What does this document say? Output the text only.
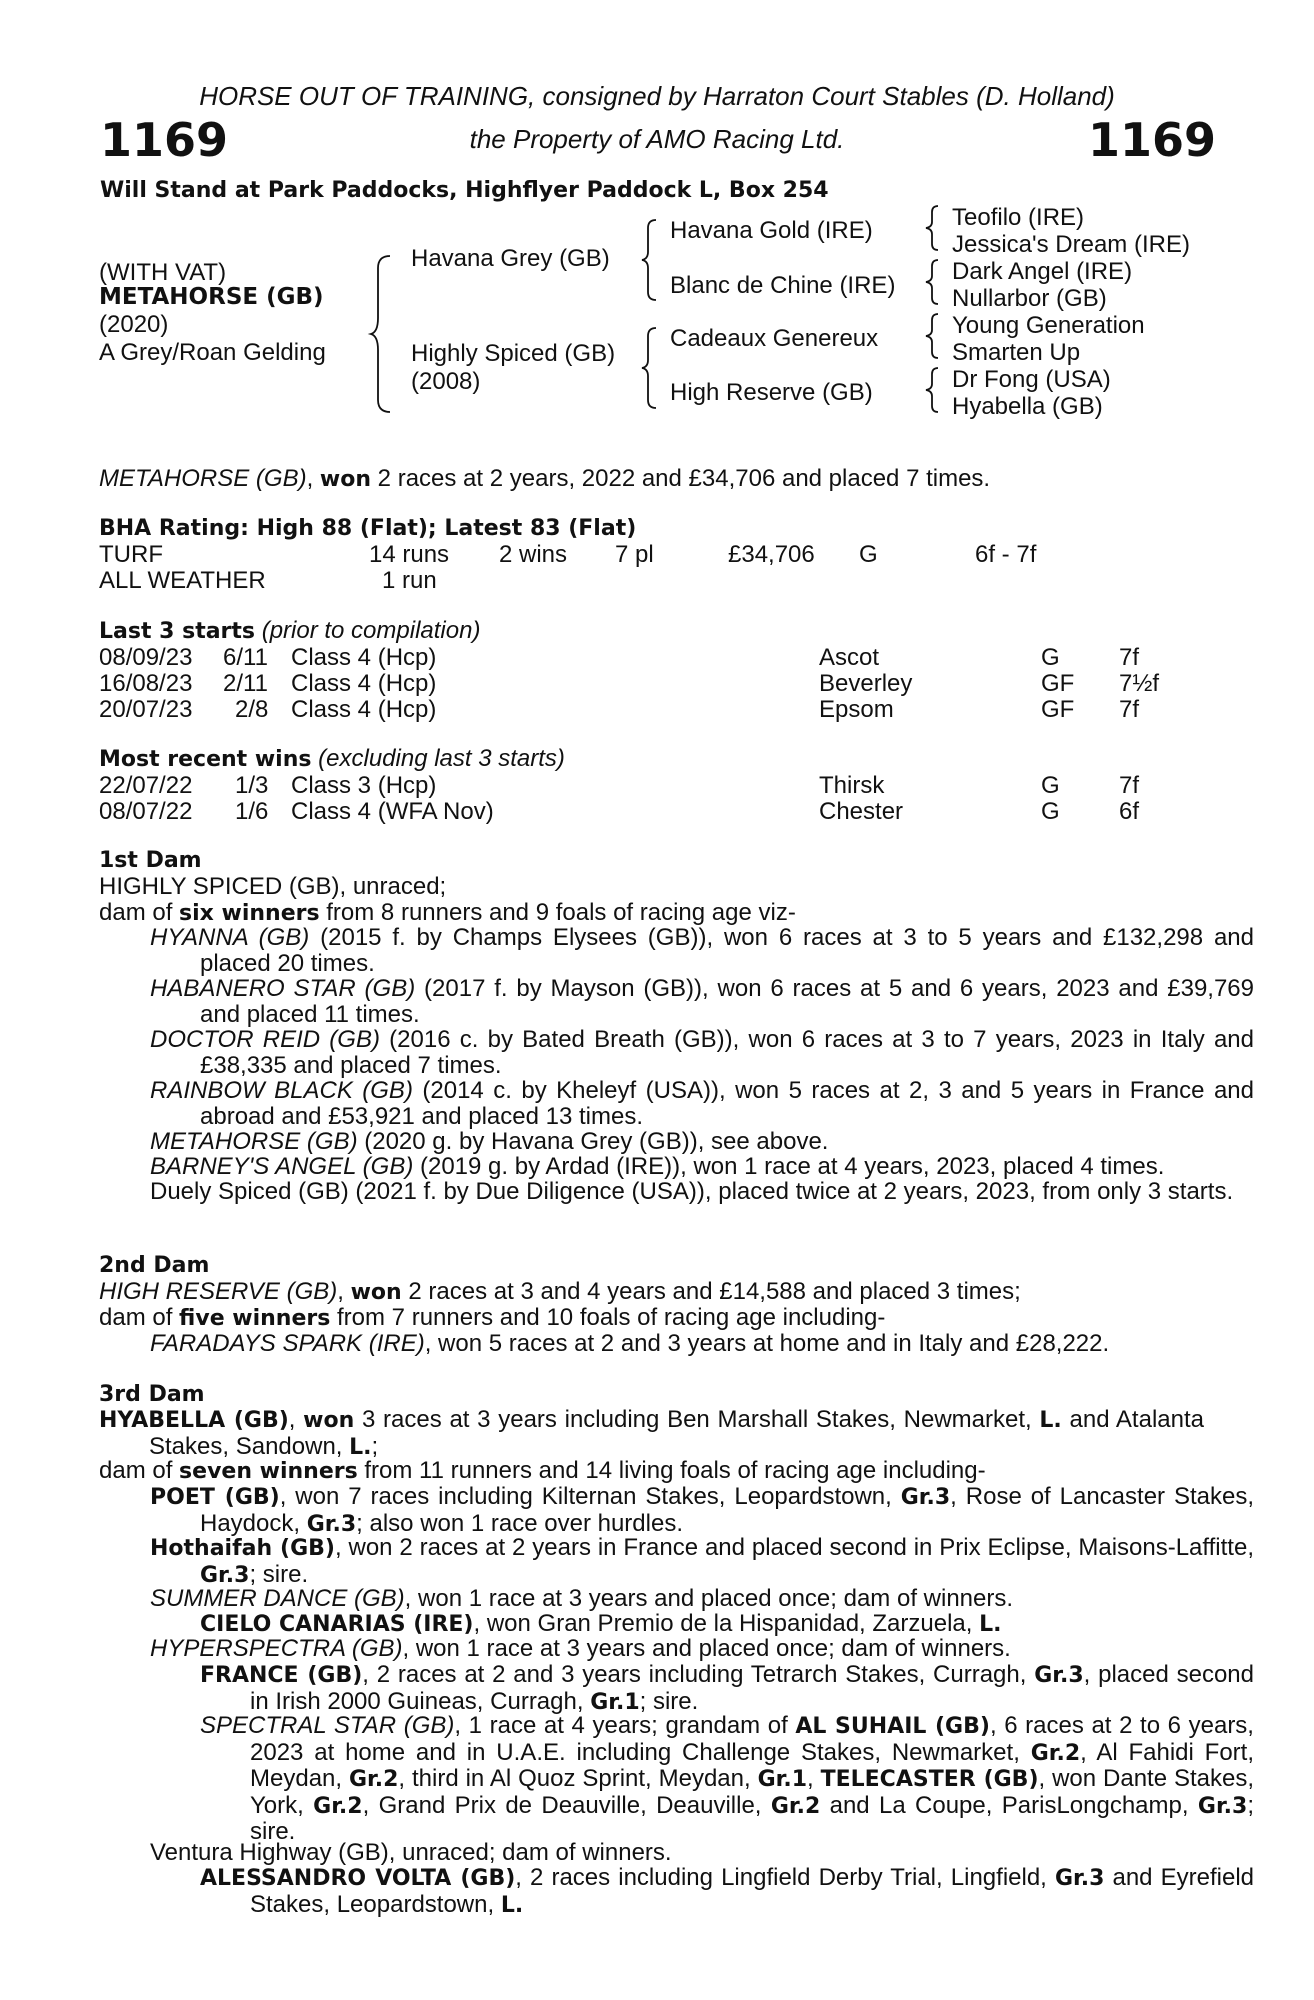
HORSE OUT OF TRAINING, consigned by Harraton Court Stables (D. Holland)
1169	the Property of AMO Racing Ltd.	1169
Will Stand at Park Paddocks, Highflyer Paddock L, Box 254
(WITH VAT)
METAHORSE (GB)
(2020)
A Grey/Roan Gelding
Havana Grey (GB)
Highly Spiced (GB)
(2008)
Havana Gold (IRE)
Blanc de Chine (IRE)
Cadeaux Genereux
High Reserve (GB)
Teofilo (IRE)
Jessica's Dream (IRE)
Dark Angel (IRE)
Nullarbor (GB)
Young Generation
Smarten Up
Dr Fong (USA)
Hyabella (GB)
METAHORSE (GB), won 2 races at 2 years, 2022 and £34,706 and placed 7 times.
BHA Rating: High 88 (Flat); Latest 83 (Flat)
TURF	14 runs 2 wins 7 pl	£34,706 G	6f - 7f
ALL WEATHER	1 run
Last 3 starts (prior to compilation)
08/09/23 6/11 Class 4 (Hcp)	Ascot	G 7f
16/08/23 2/11 Class 4 (Hcp)	Beverley	GF 7½f
20/07/23 2/8 Class 4 (Hcp)	Epsom	GF 7f
Most recent wins (excluding last 3 starts)
22/07/22 1/3 Class 3 (Hcp)	Thirsk	G 7f
08/07/22 1/6 Class 4 (WFA Nov)	Chester	G 6f
1st Dam
HIGHLY SPICED (GB), unraced;
dam of six winners from 8 runners and 9 foals of racing age viz-
HYANNA (GB) (2015 f. by Champs Elysees (GB)), won 6 races at 3 to 5 years and £132,298 and placed 20 times.
HABANERO STAR (GB) (2017 f. by Mayson (GB)), won 6 races at 5 and 6 years, 2023 and £39,769 and placed 11 times.
DOCTOR REID (GB) (2016 c. by Bated Breath (GB)), won 6 races at 3 to 7 years, 2023 in Italy and £38,335 and placed 7 times.
RAINBOW BLACK (GB) (2014 c. by Kheleyf (USA)), won 5 races at 2, 3 and 5 years in France and abroad and £53,921 and placed 13 times.
METAHORSE (GB) (2020 g. by Havana Grey (GB)), see above.
BARNEY'S ANGEL (GB) (2019 g. by Ardad (IRE)), won 1 race at 4 years, 2023, placed 4 times.
Duely Spiced (GB) (2021 f. by Due Diligence (USA)), placed twice at 2 years, 2023, from only 3 starts.
2nd Dam
HIGH RESERVE (GB), won 2 races at 3 and 4 years and £14,588 and placed 3 times;
dam of five winners from 7 runners and 10 foals of racing age including-
FARADAYS SPARK (IRE), won 5 races at 2 and 3 years at home and in Italy and £28,222.
3rd Dam
HYABELLA (GB), won 3 races at 3 years including Ben Marshall Stakes, Newmarket, L. and Atalanta Stakes, Sandown, L.;
dam of seven winners from 11 runners and 14 living foals of racing age including-
POET (GB), won 7 races including Kilternan Stakes, Leopardstown, Gr.3, Rose of Lancaster Stakes, Haydock, Gr.3; also won 1 race over hurdles.
Hothaifah (GB), won 2 races at 2 years in France and placed second in Prix Eclipse, Maisons-Laffitte, Gr.3; sire.
SUMMER DANCE (GB), won 1 race at 3 years and placed once; dam of winners.
CIELO CANARIAS (IRE), won Gran Premio de la Hispanidad, Zarzuela, L.
HYPERSPECTRA (GB), won 1 race at 3 years and placed once; dam of winners.
FRANCE (GB), 2 races at 2 and 3 years including Tetrarch Stakes, Curragh, Gr.3, placed second in Irish 2000 Guineas, Curragh, Gr.1; sire.
SPECTRAL STAR (GB), 1 race at 4 years; grandam of AL SUHAIL (GB), 6 races at 2 to 6 years, 2023 at home and in U.A.E. including Challenge Stakes, Newmarket, Gr.2, Al Fahidi Fort, Meydan, Gr.2, third in Al Quoz Sprint, Meydan, Gr.1, TELECASTER (GB), won Dante Stakes, York, Gr.2, Grand Prix de Deauville, Deauville, Gr.2 and La Coupe, ParisLongchamp, Gr.3; sire.
Ventura Highway (GB), unraced; dam of winners.
ALESSANDRO VOLTA (GB), 2 races including Lingfield Derby Trial, Lingfield, Gr.3 and Eyrefield Stakes, Leopardstown, L.
